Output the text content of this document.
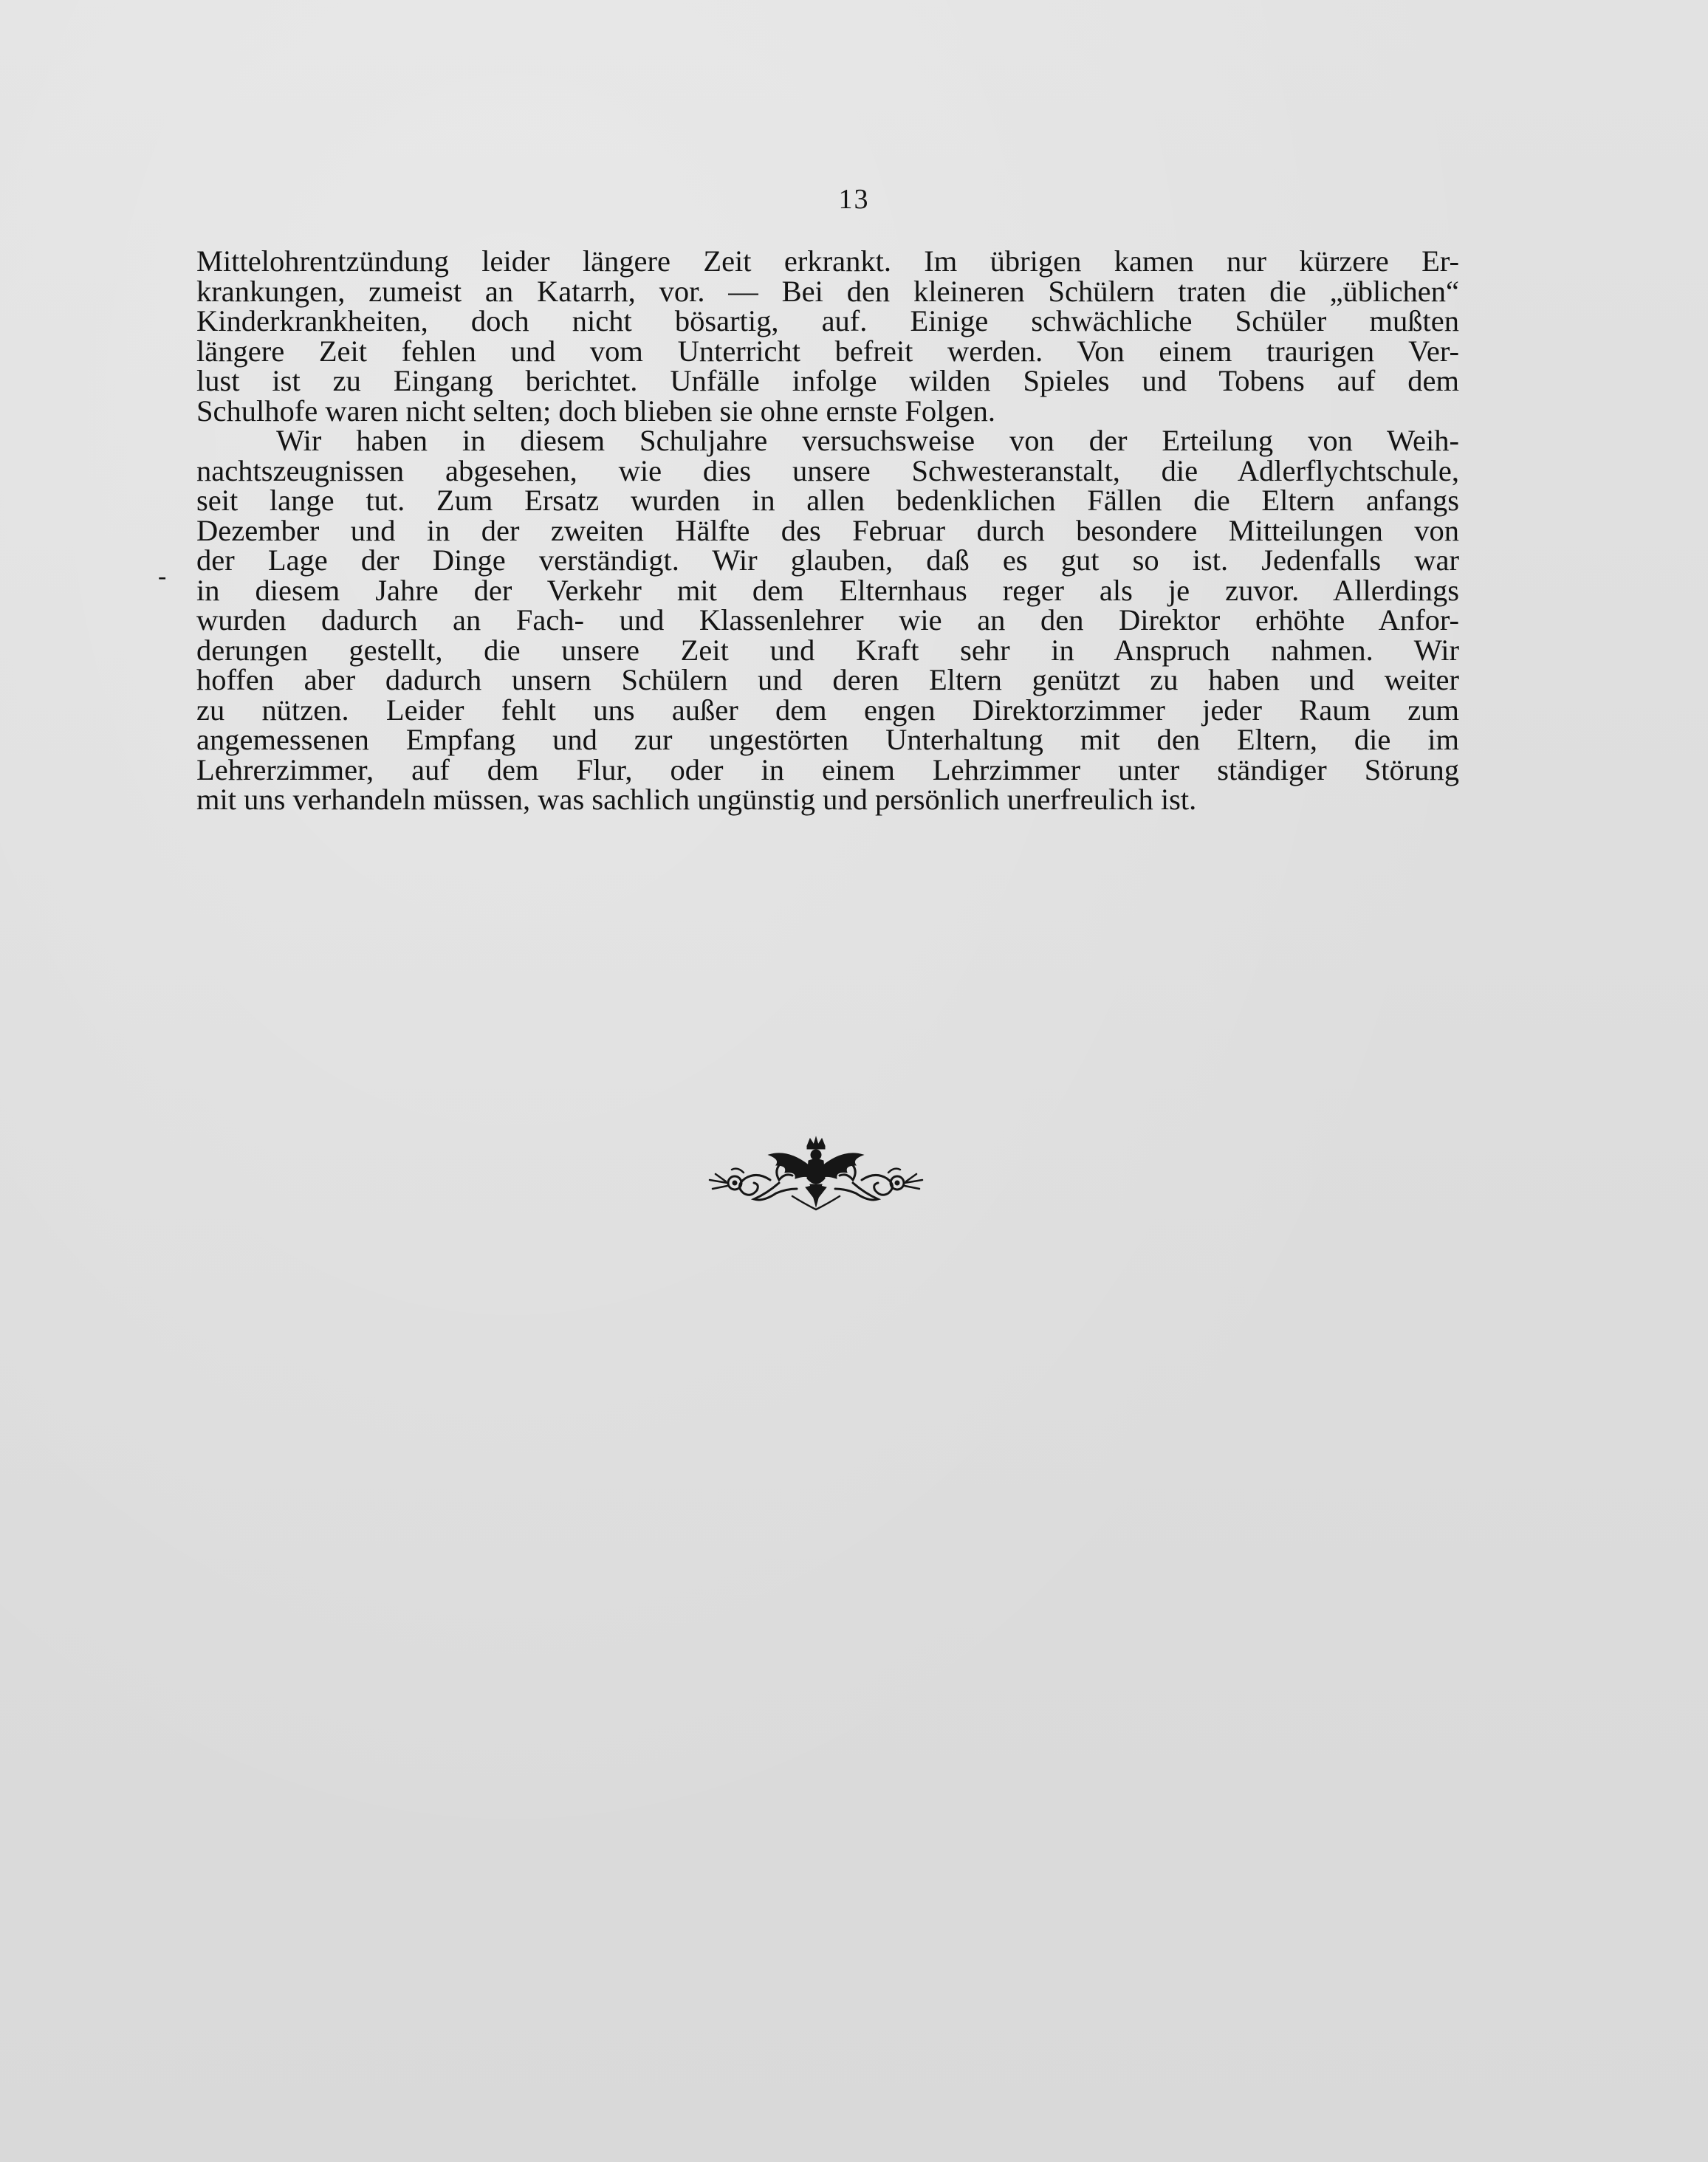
13
-
Mittelohrentzündung leider längere Zeit erkrankt. Im übrigen kamen nur kürzere Er-
krankungen, zumeist an Katarrh, vor. — Bei den kleineren Schülern traten die „üblichen“
Kinderkrankheiten, doch nicht bösartig, auf. Einige schwächliche Schüler mußten
längere Zeit fehlen und vom Unterricht befreit werden. Von einem traurigen Ver-
lust ist zu Eingang berichtet. Unfälle infolge wilden Spieles und Tobens auf dem
Schulhofe waren nicht selten; doch blieben sie ohne ernste Folgen.
Wir haben in diesem Schuljahre versuchsweise von der Erteilung von Weih-
nachtszeugnissen abgesehen, wie dies unsere Schwesteranstalt, die Adlerflychtschule,
seit lange tut. Zum Ersatz wurden in allen bedenklichen Fällen die Eltern anfangs
Dezember und in der zweiten Hälfte des Februar durch besondere Mitteilungen von
der Lage der Dinge verständigt. Wir glauben, daß es gut so ist. Jedenfalls war
in diesem Jahre der Verkehr mit dem Elternhaus reger als je zuvor. Allerdings
wurden dadurch an Fach- und Klassenlehrer wie an den Direktor erhöhte Anfor-
derungen gestellt, die unsere Zeit und Kraft sehr in Anspruch nahmen. Wir
hoffen aber dadurch unsern Schülern und deren Eltern genützt zu haben und weiter
zu nützen. Leider fehlt uns außer dem engen Direktorzimmer jeder Raum zum
angemessenen Empfang und zur ungestörten Unterhaltung mit den Eltern, die im
Lehrerzimmer, auf dem Flur, oder in einem Lehrzimmer unter ständiger Störung
mit uns verhandeln müssen, was sachlich ungünstig und persönlich unerfreulich ist.
